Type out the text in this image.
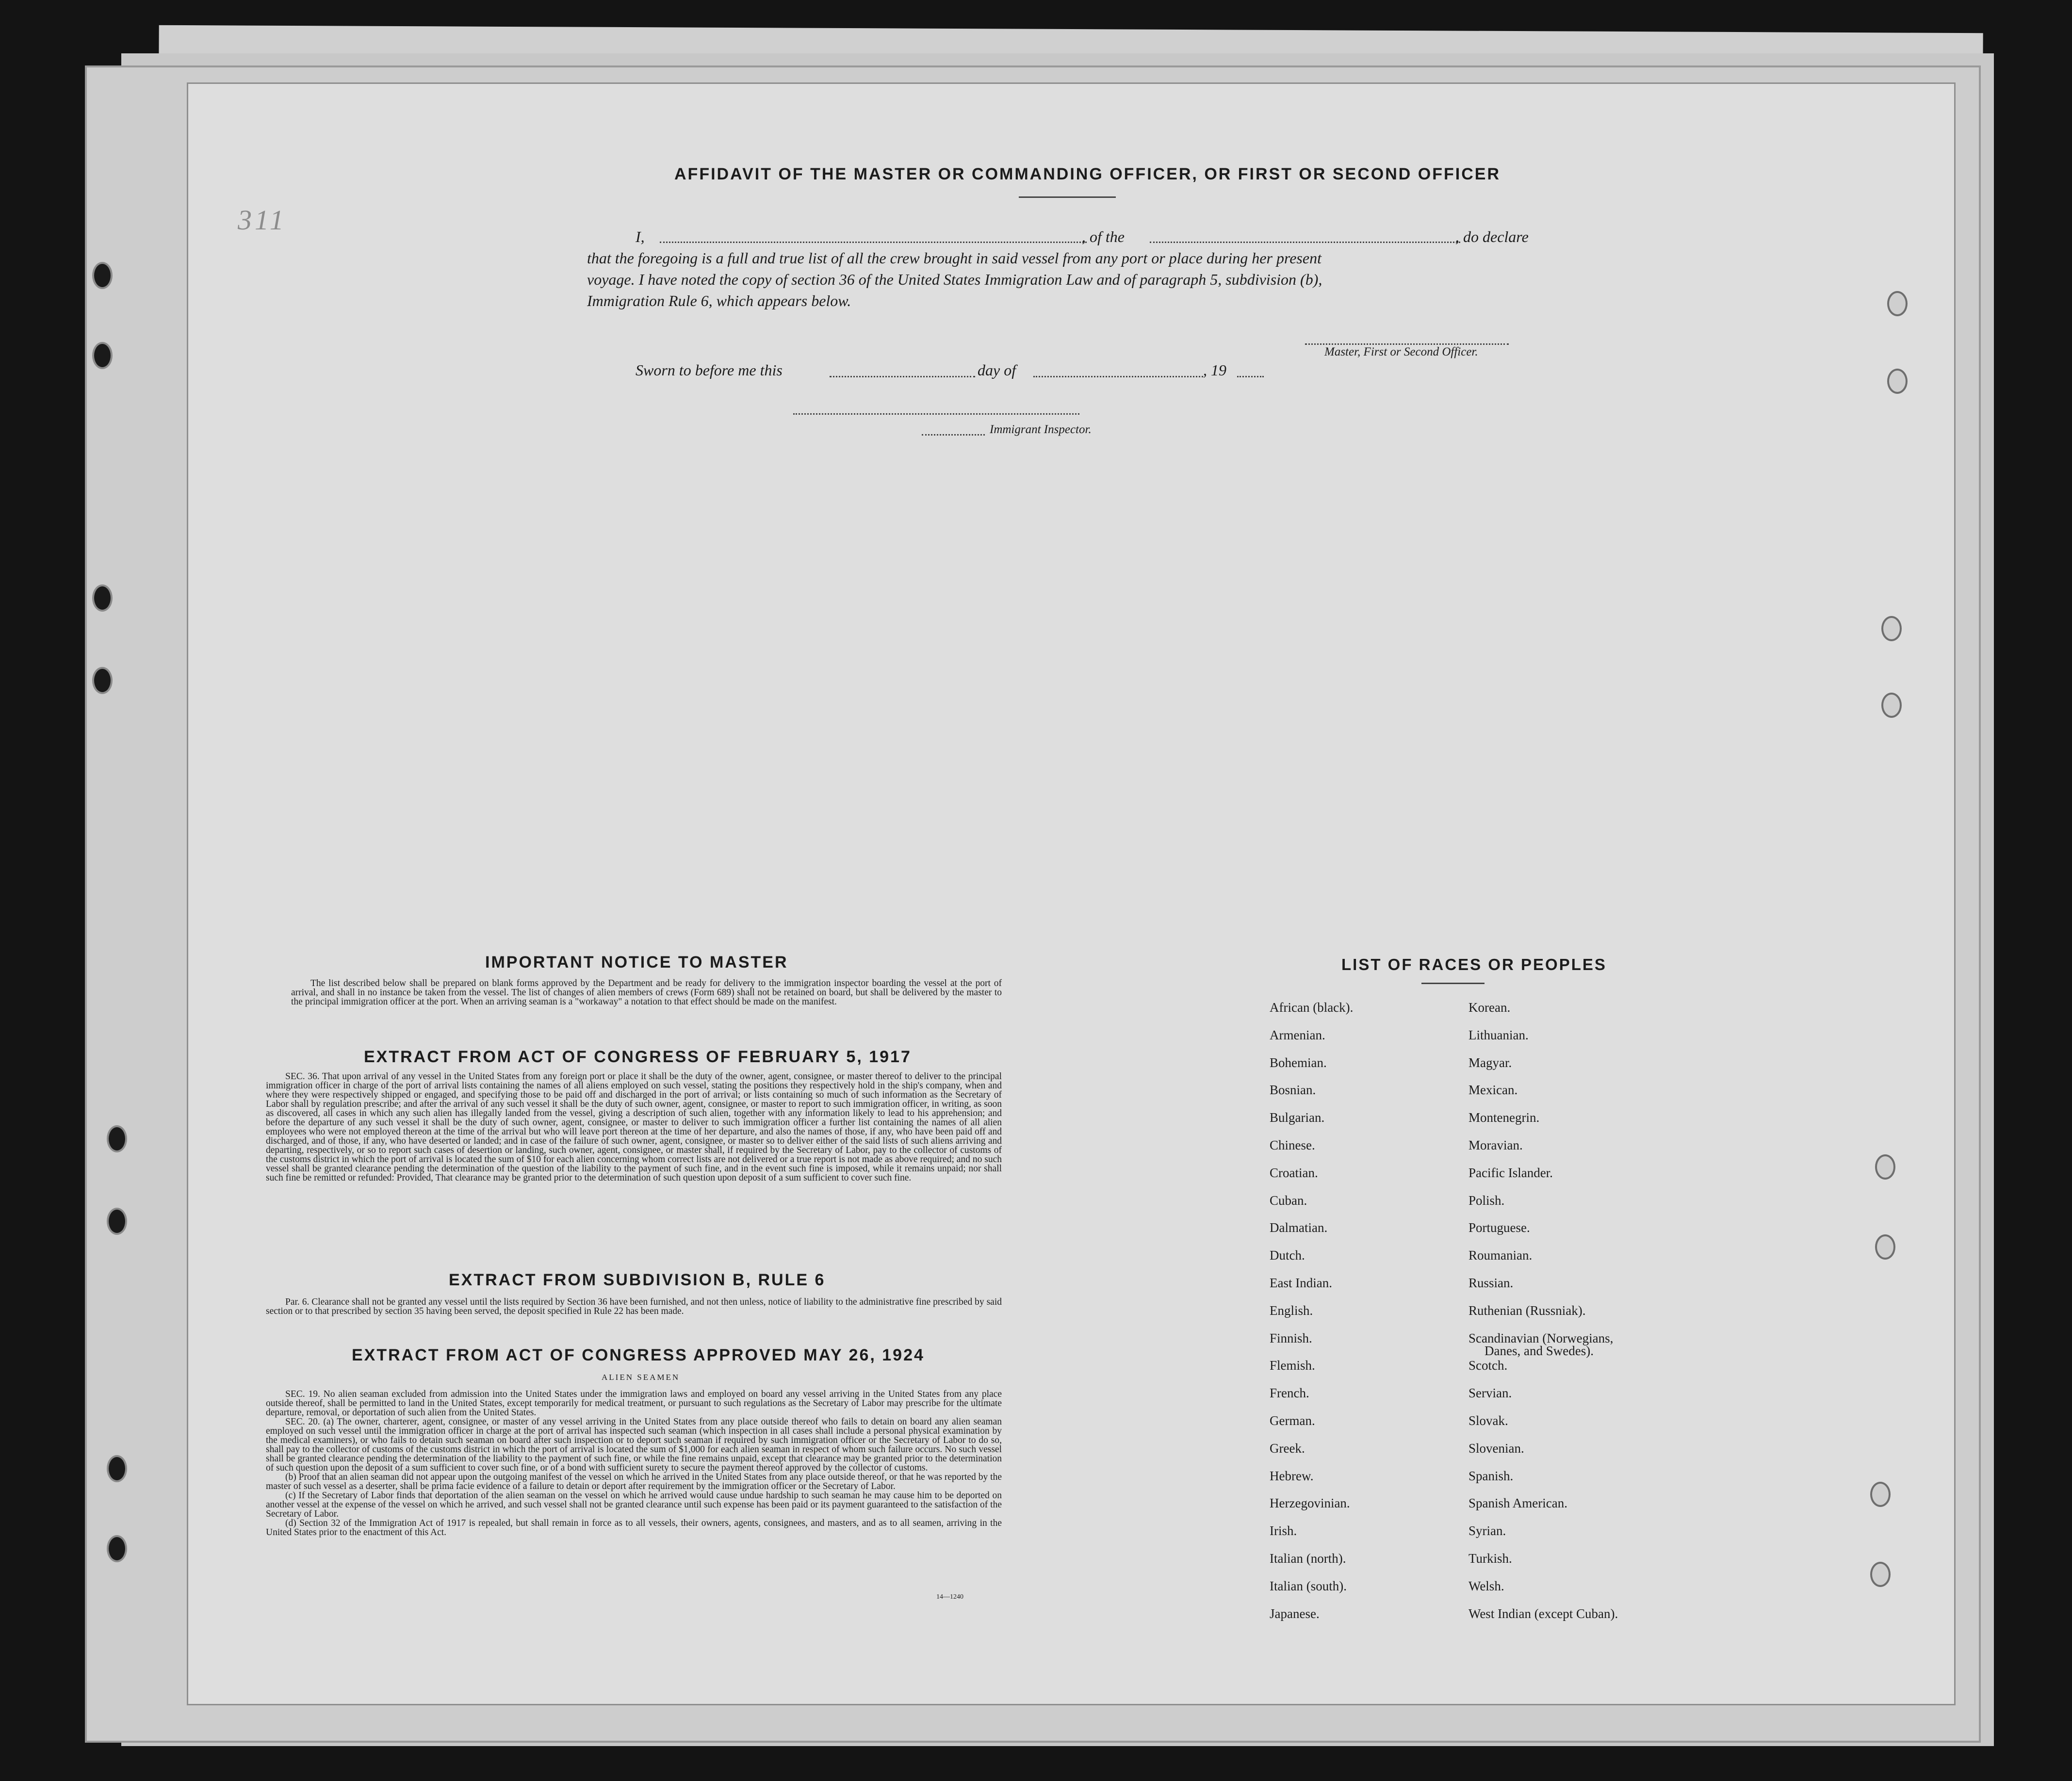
311
AFFIDAVIT OF THE MASTER OR COMMANDING OFFICER, OR FIRST OR SECOND OFFICER
I,	, of the	, do declare
that the foregoing is a full and true list of all the crew brought in said vessel from any port or place during her present
voyage. I have noted the copy of section 36 of the United States Immigration Law and of paragraph 5, subdivision (b),
Immigration Rule 6, which appears below.
Master, First or Second Officer.
Sworn to before me this	day of	, 19
Immigrant Inspector.
IMPORTANT NOTICE TO MASTER

The list described below shall be prepared on blank forms approved by the Department and be ready for delivery to the immigration inspector boarding the vessel at the port of arrival, and shall in no instance be taken from the vessel. The list of changes of alien members of crews (Form 689) shall not be retained on board, but shall be delivered by the master to the principal immigration officer at the port. When an arriving seaman is a "workaway" a notation to that effect should be made on the manifest.

EXTRACT FROM ACT OF CONGRESS OF FEBRUARY 5, 1917

SEC. 36. That upon arrival of any vessel in the United States from any foreign port or place it shall be the duty of the owner, agent, consignee, or master thereof to deliver to the principal immigration officer in charge of the port of arrival lists containing the names of all aliens employed on such vessel, stating the positions they respectively hold in the ship's company, when and where they were respectively shipped or engaged, and specifying those to be paid off and discharged in the port of arrival; or lists containing so much of such information as the Secretary of Labor shall by regulation prescribe; and after the arrival of any such vessel it shall be the duty of such owner, agent, consignee, or master to report to such immigration officer, in writing, as soon as discovered, all cases in which any such alien has illegally landed from the vessel, giving a description of such alien, together with any information likely to lead to his apprehension; and before the departure of any such vessel it shall be the duty of such owner, agent, consignee, or master to deliver to such immigration officer a further list containing the names of all alien employees who were not employed thereon at the time of the arrival but who will leave port thereon at the time of her departure, and also the names of those, if any, who have been paid off and discharged, and of those, if any, who have deserted or landed; and in case of the failure of such owner, agent, consignee, or master so to deliver either of the said lists of such aliens arriving and departing, respectively, or so to report such cases of desertion or landing, such owner, agent, consignee, or master shall, if required by the Secretary of Labor, pay to the collector of customs of the customs district in which the port of arrival is located the sum of $10 for each alien concerning whom correct lists are not delivered or a true report is not made as above required; and no such vessel shall be granted clearance pending the determination of the question of the liability to the payment of such fine, and in the event such fine is imposed, while it remains unpaid; nor shall such fine be remitted or refunded: Provided, That clearance may be granted prior to the determination of such question upon deposit of a sum sufficient to cover such fine.

EXTRACT FROM SUBDIVISION B, RULE 6

Par. 6. Clearance shall not be granted any vessel until the lists required by Section 36 have been furnished, and not then unless, notice of liability to the administrative fine prescribed by said section or to that prescribed by section 35 having been served, the deposit specified in Rule 22 has been made.

EXTRACT FROM ACT OF CONGRESS APPROVED MAY 26, 1924
ALIEN SEAMEN

SEC. 19. No alien seaman excluded from admission into the United States under the immigration laws and employed on board any vessel arriving in the United States from any place outside thereof, shall be permitted to land in the United States, except temporarily for medical treatment, or pursuant to such regulations as the Secretary of Labor may prescribe for the ultimate departure, removal, or deportation of such alien from the United States.

SEC. 20. (a) The owner, charterer, agent, consignee, or master of any vessel arriving in the United States from any place outside thereof who fails to detain on board any alien seaman employed on such vessel until the immigration officer in charge at the port of arrival has inspected such seaman (which inspection in all cases shall include a personal physical examination by the medical examiners), or who fails to detain such seaman on board after such inspection or to deport such seaman if required by such immigration officer or the Secretary of Labor to do so, shall pay to the collector of customs of the customs district in which the port of arrival is located the sum of $1,000 for each alien seaman in respect of whom such failure occurs. No such vessel shall be granted clearance pending the determination of the liability to the payment of such fine, or while the fine remains unpaid, except that clearance may be granted prior to the determination of such question upon the deposit of a sum sufficient to cover such fine, or of a bond with sufficient surety to secure the payment thereof approved by the collector of customs.

(b) Proof that an alien seaman did not appear upon the outgoing manifest of the vessel on which he arrived in the United States from any place outside thereof, or that he was reported by the master of such vessel as a deserter, shall be prima facie evidence of a failure to detain or deport after requirement by the immigration officer or the Secretary of Labor.

(c) If the Secretary of Labor finds that deportation of the alien seaman on the vessel on which he arrived would cause undue hardship to such seaman he may cause him to be deported on another vessel at the expense of the vessel on which he arrived, and such vessel shall not be granted clearance until such expense has been paid or its payment guaranteed to the satisfaction of the Secretary of Labor.

(d) Section 32 of the Immigration Act of 1917 is repealed, but shall remain in force as to all vessels, their owners, agents, consignees, and masters, and as to all seamen, arriving in the United States prior to the enactment of this Act.

14—1240
LIST OF RACES OR PEOPLES
African (black).
Armenian.
Bohemian.
Bosnian.
Bulgarian.
Chinese.
Croatian.
Cuban.
Dalmatian.
Dutch.
East Indian.
English.
Finnish.
Flemish.
French.
German.
Greek.
Hebrew.
Herzegovinian.
Irish.
Italian (north).
Italian (south).
Japanese.
Korean.
Lithuanian.
Magyar.
Mexican.
Montenegrin.
Moravian.
Pacific Islander.
Polish.
Portuguese.
Roumanian.
Russian.
Ruthenian (Russniak).
Scandinavian (Norwegians,
Scotch.
Servian.
Slovak.
Slovenian.
Spanish.
Spanish American.
Syrian.
Turkish.
Welsh.
West Indian (except Cuban).
Danes, and Swedes).
